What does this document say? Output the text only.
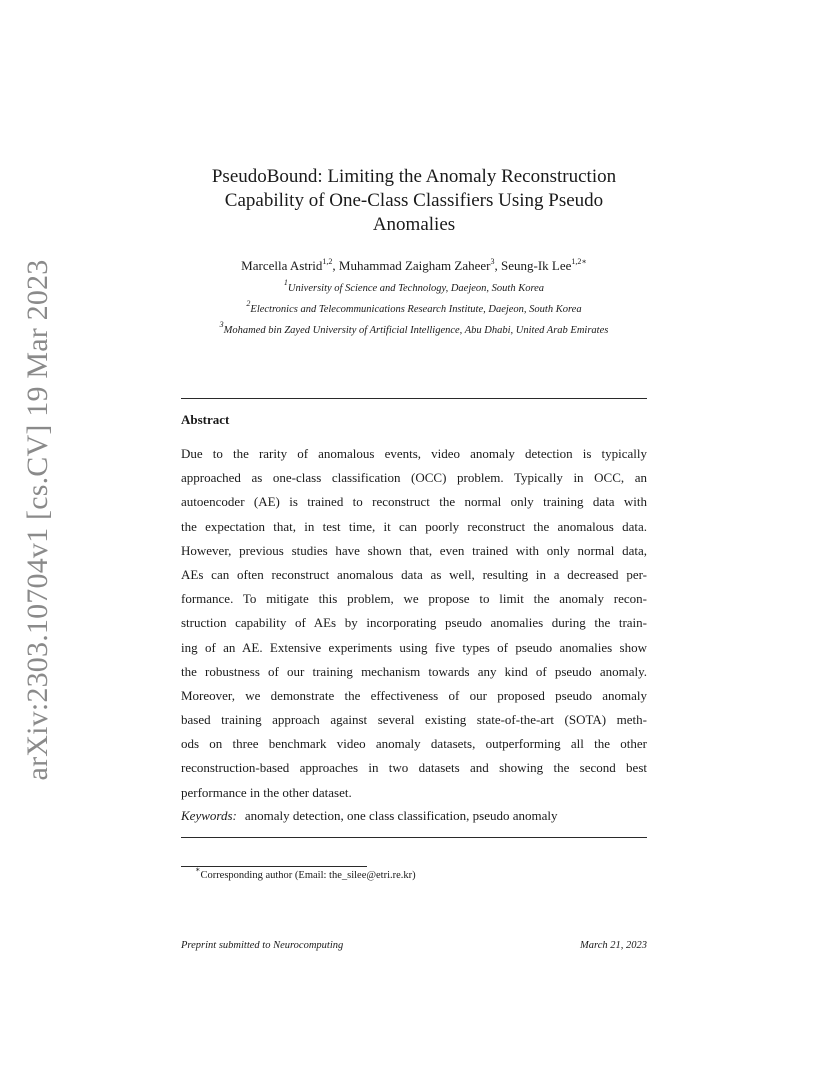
arXiv:2303.10704v1 [cs.CV] 19 Mar 2023
PseudoBound: Limiting the Anomaly Reconstruction
Capability of One-Class Classifiers Using Pseudo
Anomalies
Marcella Astrid$^{1,2}$, Muhammad Zaigham Zaheer$^3$, Seung-Ik Lee$^{1,2∗}$
$^1$University of Science and Technology, Daejeon, South Korea
$^2$Electronics and Telecommunications Research Institute, Daejeon, South Korea
$^3$Mohamed bin Zayed University of Artificial Intelligence, Abu Dhabi, United Arab Emirates
Abstract
Due to the rarity of anomalous events, video anomaly detection is typically
approached as one-class classification (OCC) problem. Typically in OCC, an
autoencoder (AE) is trained to reconstruct the normal only training data with
the expectation that, in test time, it can poorly reconstruct the anomalous data.
However, previous studies have shown that, even trained with only normal data,
AEs can often reconstruct anomalous data as well, resulting in a decreased per-
formance. To mitigate this problem, we propose to limit the anomaly recon-
struction capability of AEs by incorporating pseudo anomalies during the train-
ing of an AE. Extensive experiments using five types of pseudo anomalies show
the robustness of our training mechanism towards any kind of pseudo anomaly.
Moreover, we demonstrate the effectiveness of our proposed pseudo anomaly
based training approach against several existing state-of-the-art (SOTA) meth-
ods on three benchmark video anomaly datasets, outperforming all the other
reconstruction-based approaches in two datasets and showing the second best
performance in the other dataset.
Keywords: anomaly detection, one class classification, pseudo anomaly
∗Corresponding author (Email: the_silee@etri.re.kr)
Preprint submitted to Neurocomputing	March 21, 2023
